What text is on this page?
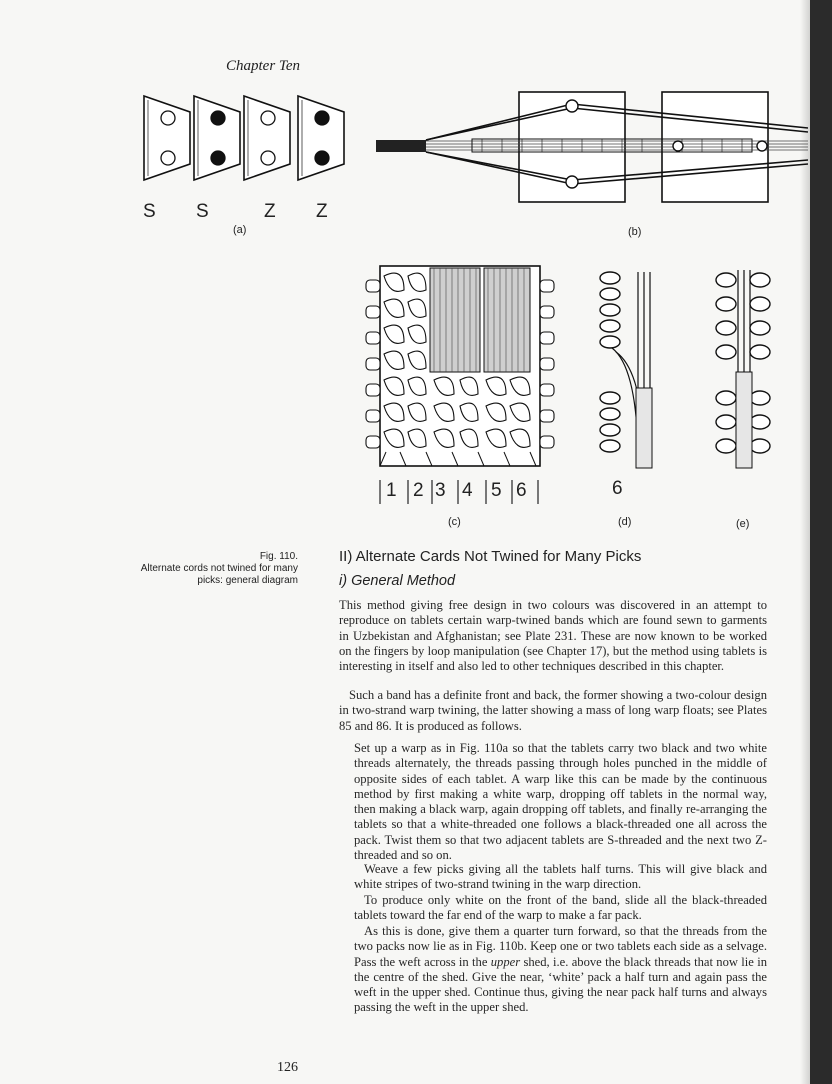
Chapter Ten
S S	Z Z
(a)	(b)
1 2 3 4 5 6
(c)
6
(d)	(e)
Fig. 110.
Alternate cords not twined for many
picks: general diagram
II) Alternate Cards Not Twined for Many Picks
i) General Method

This method giving free design in two colours was discovered in an attempt to reproduce on tablets certain warp-twined bands which are found sewn to garments in Uzbekistan and Afghanistan; see Plate 231. These are now known to be worked on the fingers by loop manipulation (see Chapter 17), but the method using tablets is interesting in itself and also led to other techniques described in this chapter.

Such a band has a definite front and back, the former showing a two-colour design in two-strand warp twining, the latter showing a mass of long warp floats; see Plates 85 and 86. It is produced as follows.

Set up a warp as in Fig. 110a so that the tablets carry two black and two white threads alternately, the threads passing through holes punched in the middle of opposite sides of each tablet. A warp like this can be made by the continuous method by first making a white warp, dropping off tablets in the normal way, then making a black warp, again dropping off tablets, and finally re-arranging the tablets so that a white-threaded one follows a black-threaded one all across the pack. Twist them so that two adjacent tablets are S-threaded and the next two Z-threaded and so on.

Weave a few picks giving all the tablets half turns. This will give black and white stripes of two-strand twining in the warp direction.

To produce only white on the front of the band, slide all the black-threaded tablets toward the far end of the warp to make a far pack.

As this is done, give them a quarter turn forward, so that the threads from the two packs now lie as in Fig. 110b. Keep one or two tablets each side as a selvage. Pass the weft across in the upper shed, i.e. above the black threads that now lie in the centre of the shed. Give the near, ‘white’ pack a half turn and again pass the weft in the upper shed. Continue thus, giving the near pack half turns and always passing the weft in the upper shed.

126
